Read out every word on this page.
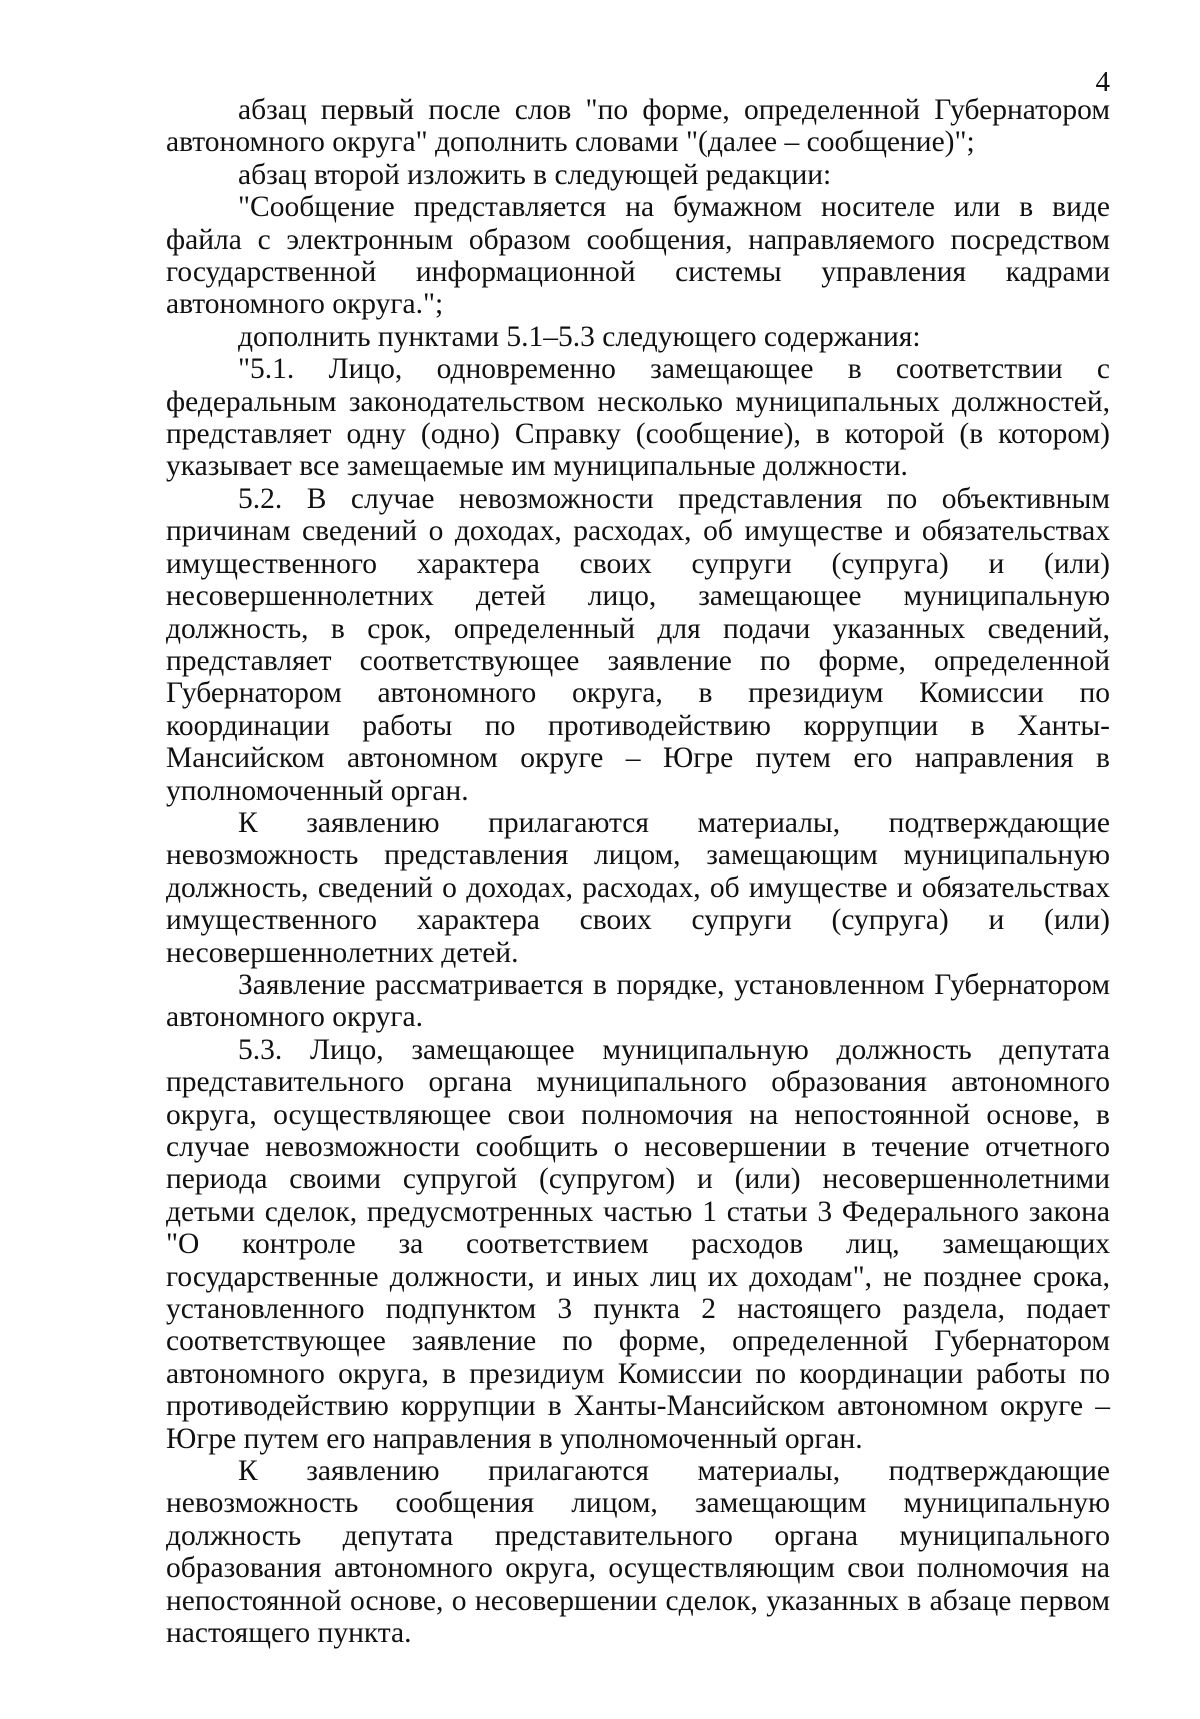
4

абзац первый после слов "по форме, определенной Губернатором автономного округа" дополнить словами "(далее – сообщение)";

абзац второй изложить в следующей редакции:

"Сообщение представляется на бумажном носителе или в виде файла с электронным образом сообщения, направляемого посредством государственной информационной системы управления кадрами автономного округа.";

дополнить пунктами 5.1–5.3 следующего содержания:

"5.1. Лицо, одновременно замещающее в соответствии с федеральным законодательством несколько муниципальных должностей, представляет одну (одно) Справку (сообщение), в которой (в котором) указывает все замещаемые им муниципальные должности.

5.2. В случае невозможности представления по объективным причинам сведений о доходах, расходах, об имуществе и обязательствах имущественного характера своих супруги (супруга) и (или) несовершеннолетних детей лицо, замещающее муниципальную должность, в срок, определенный для подачи указанных сведений, представляет соответствующее заявление по форме, определенной Губернатором автономного округа, в президиум Комиссии по координации работы по противодействию коррупции в Ханты-Мансийском автономном округе – Югре путем его направления в уполномоченный орган.

К заявлению прилагаются материалы, подтверждающие невозможность представления лицом, замещающим муниципальную должность, сведений о доходах, расходах, об имуществе и обязательствах имущественного характера своих супруги (супруга) и (или) несовершеннолетних детей.

Заявление рассматривается в порядке, установленном Губернатором автономного округа.

5.3. Лицо, замещающее муниципальную должность депутата представительного органа муниципального образования автономного округа, осуществляющее свои полномочия на непостоянной основе, в случае невозможности сообщить о несовершении в течение отчетного периода своими супругой (супругом) и (или) несовершеннолетними детьми сделок, предусмотренных частью 1 статьи 3 Федерального закона "О контроле за соответствием расходов лиц, замещающих государственные должности, и иных лиц их доходам", не позднее срока, установленного подпунктом 3 пункта 2 настоящего раздела, подает соответствующее заявление по форме, определенной Губернатором автономного округа, в президиум Комиссии по координации работы по противодействию коррупции в Ханты-Мансийском автономном округе – Югре путем его направления в уполномоченный орган.

К заявлению прилагаются материалы, подтверждающие невозможность сообщения лицом, замещающим муниципальную должность депутата представительного органа муниципального образования автономного округа, осуществляющим свои полномочия на непостоянной основе, о несовершении сделок, указанных в абзаце первом настоящего пункта.
